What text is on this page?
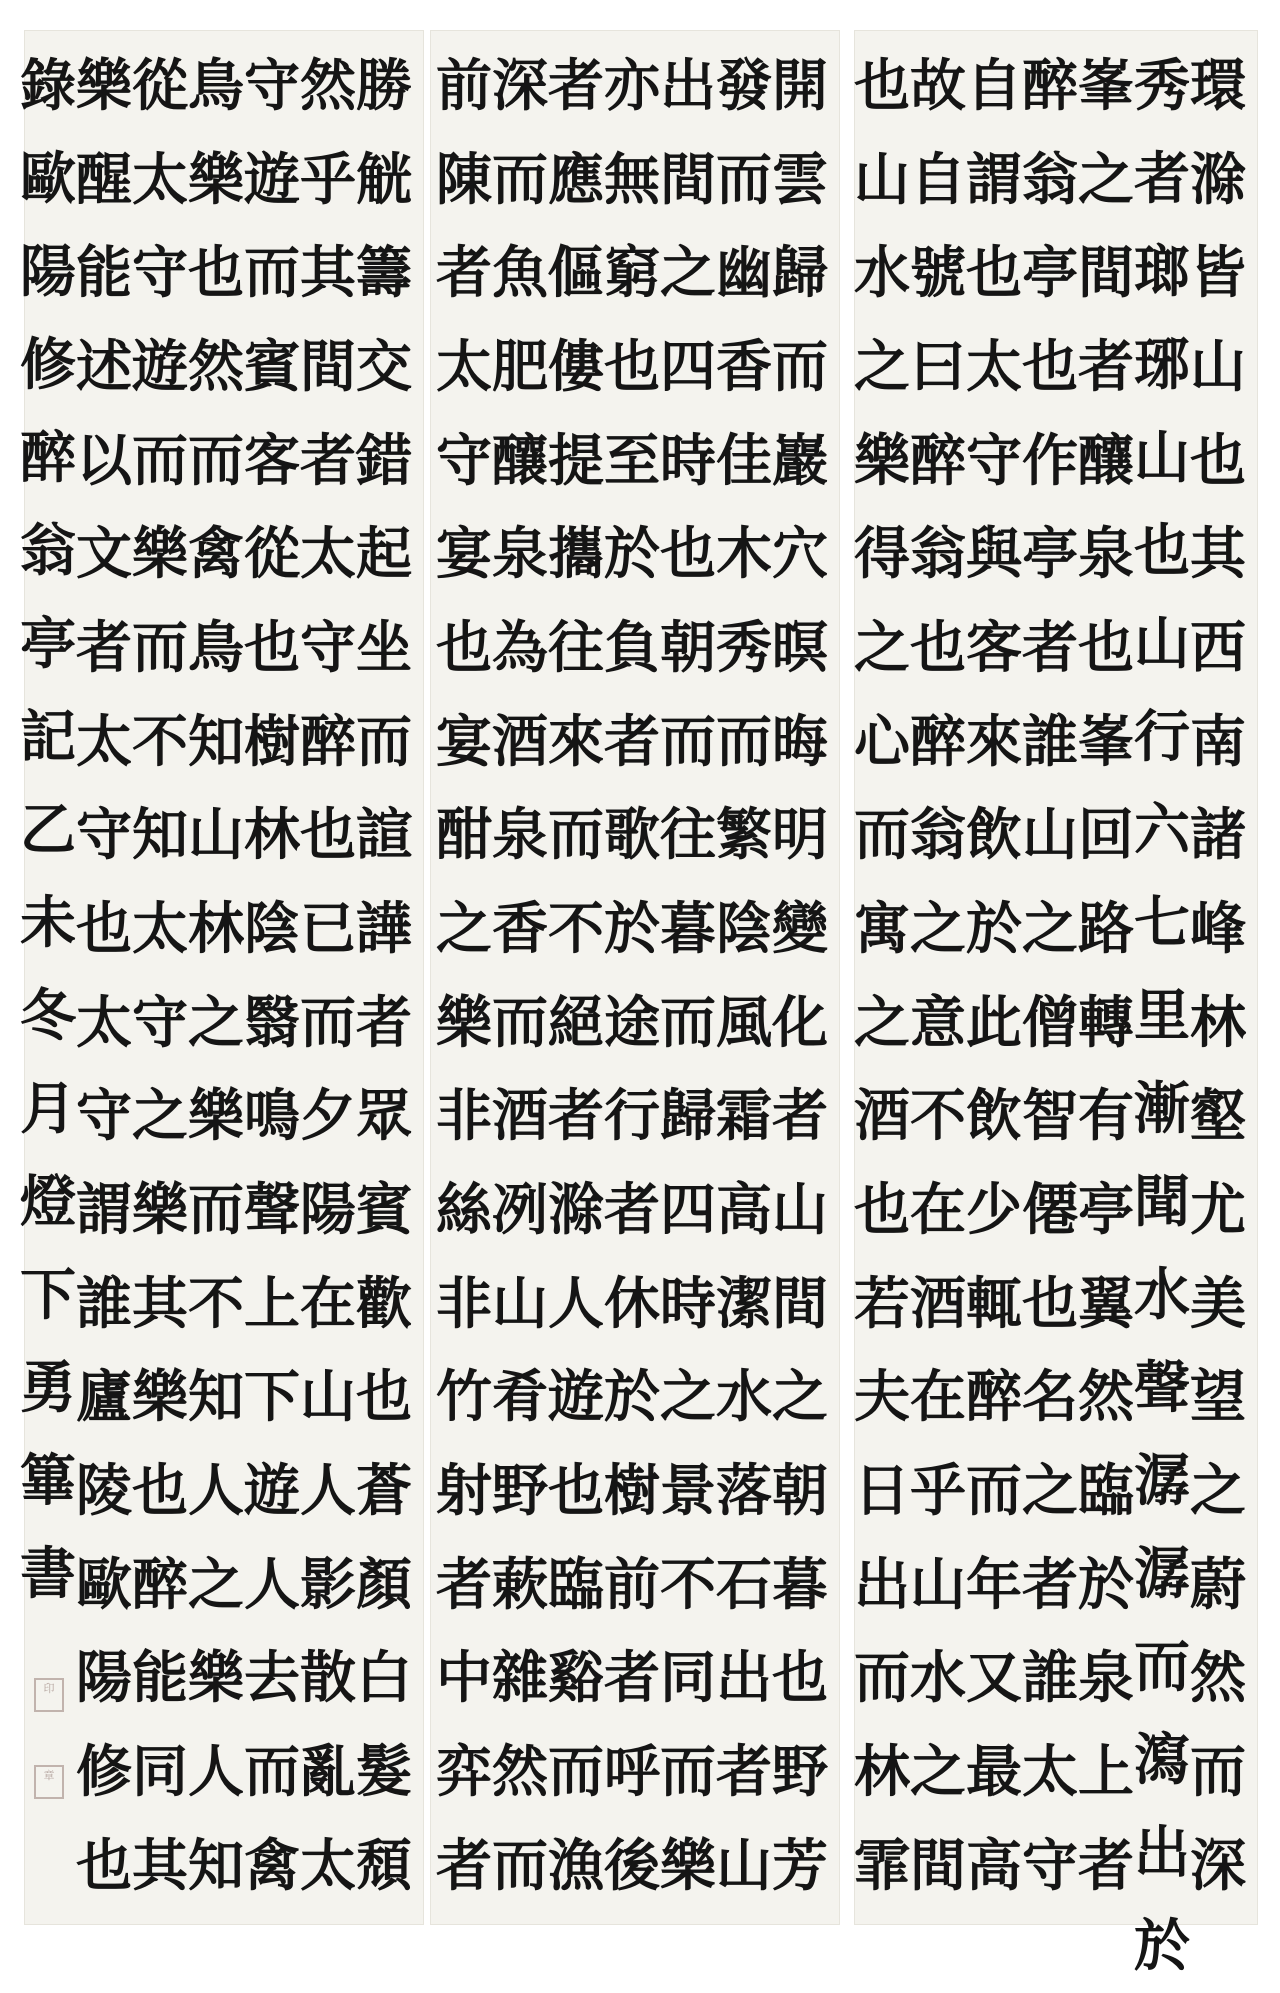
環
滁
皆
山
也
其
西
南
諸
峰
林
壑
尤
美
望
之
蔚
然
而
深
秀
者
瑯
琊
山
也
山
行
六
七
里
漸
聞
水
聲
潺
潺
而
瀉
出
於
峯
之
間
者
釀
泉
也
峯
回
路
轉
有
亭
翼
然
臨
於
泉
上
者
醉
翁
亭
也
作
亭
者
誰
山
之
僧
智
僊
也
名
之
者
誰
太
守
自
謂
也
太
守
與
客
來
飲
於
此
飲
少
輒
醉
而
年
又
最
高
故
自
號
曰
醉
翁
也
醉
翁
之
意
不
在
酒
在
乎
山
水
之
間
也
山
水
之
樂
得
之
心
而
寓
之
酒
也
若
夫
日
出
而
林
霏
開
雲
歸
而
巖
穴
暝
晦
明
變
化
者
山
間
之
朝
暮
也
野
芳
發
而
幽
香
佳
木
秀
而
繁
陰
風
霜
高
潔
水
落
石
出
者
山
出
間
之
四
時
也
朝
而
往
暮
而
歸
四
時
之
景
不
同
而
樂
亦
無
窮
也
至
於
負
者
歌
於
途
行
者
休
於
樹
前
者
呼
後
者
應
傴
僂
提
攜
往
來
而
不
絕
者
滁
人
遊
也
臨
谿
而
漁
深
而
魚
肥
釀
泉
為
酒
泉
香
而
酒
冽
山
肴
野
蔌
雜
然
而
前
陳
者
太
守
宴
也
宴
酣
之
樂
非
絲
非
竹
射
者
中
弈
者
勝
觥
籌
交
錯
起
坐
而
諠
譁
者
眾
賓
歡
也
蒼
顏
白
髮
頹
然
乎
其
間
者
太
守
醉
也
已
而
夕
陽
在
山
人
影
散
亂
太
守
遊
而
賓
客
從
也
樹
林
陰
翳
鳴
聲
上
下
遊
人
去
而
禽
鳥
樂
也
然
而
禽
鳥
知
山
林
之
樂
而
不
知
人
之
樂
人
知
從
太
守
遊
而
樂
而
不
知
太
守
之
樂
其
樂
也
醉
能
同
其
樂
醒
能
述
以
文
者
太
守
也
太
守
謂
誰
廬
陵
歐
陽
修
也
錄
歐
陽
修
醉
翁
亭
記
乙
未
冬
月
燈
下
勇
篳
書
印
章
